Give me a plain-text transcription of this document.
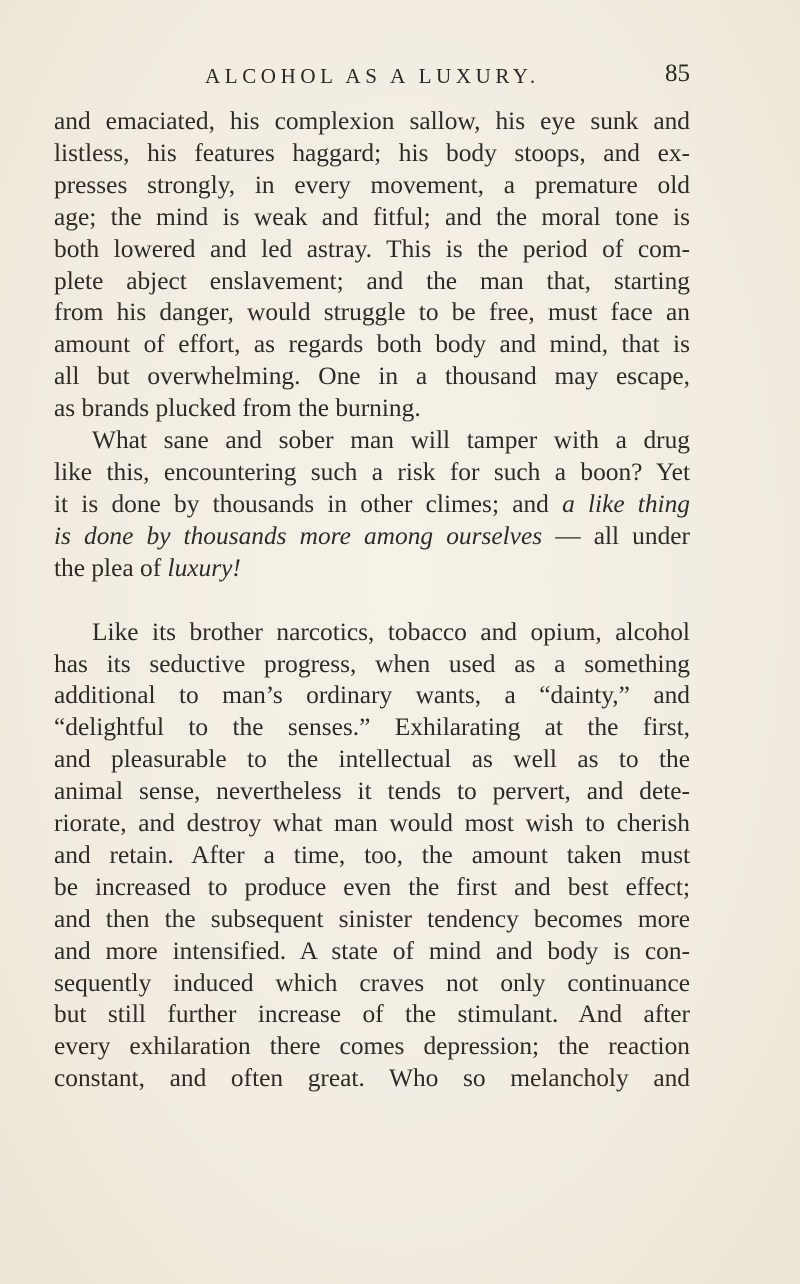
ALCOHOL AS A LUXURY.	85
and emaciated, his complexion sallow, his eye sunk and
listless, his features haggard; his body stoops, and ex-
presses strongly, in every movement, a premature old
age; the mind is weak and fitful; and the moral tone is
both lowered and led astray. This is the period of com-
plete abject enslavement; and the man that, starting
from his danger, would struggle to be free, must face an
amount of effort, as regards both body and mind, that is
all but overwhelming. One in a thousand may escape,
as brands plucked from the burning.
What sane and sober man will tamper with a drug
like this, encountering such a risk for such a boon? Yet
it is done by thousands in other climes; and a like thing
is done by thousands more among ourselves — all under
the plea of luxury!
Like its brother narcotics, tobacco and opium, alcohol
has its seductive progress, when used as a something
additional to man’s ordinary wants, a “dainty,” and
“delightful to the senses.” Exhilarating at the first,
and pleasurable to the intellectual as well as to the
animal sense, nevertheless it tends to pervert, and dete-
riorate, and destroy what man would most wish to cherish
and retain. After a time, too, the amount taken must
be increased to produce even the first and best effect;
and then the subsequent sinister tendency becomes more
and more intensified. A state of mind and body is con-
sequently induced which craves not only continuance
but still further increase of the stimulant. And after
every exhilaration there comes depression; the reaction
constant, and often great. Who so melancholy and
